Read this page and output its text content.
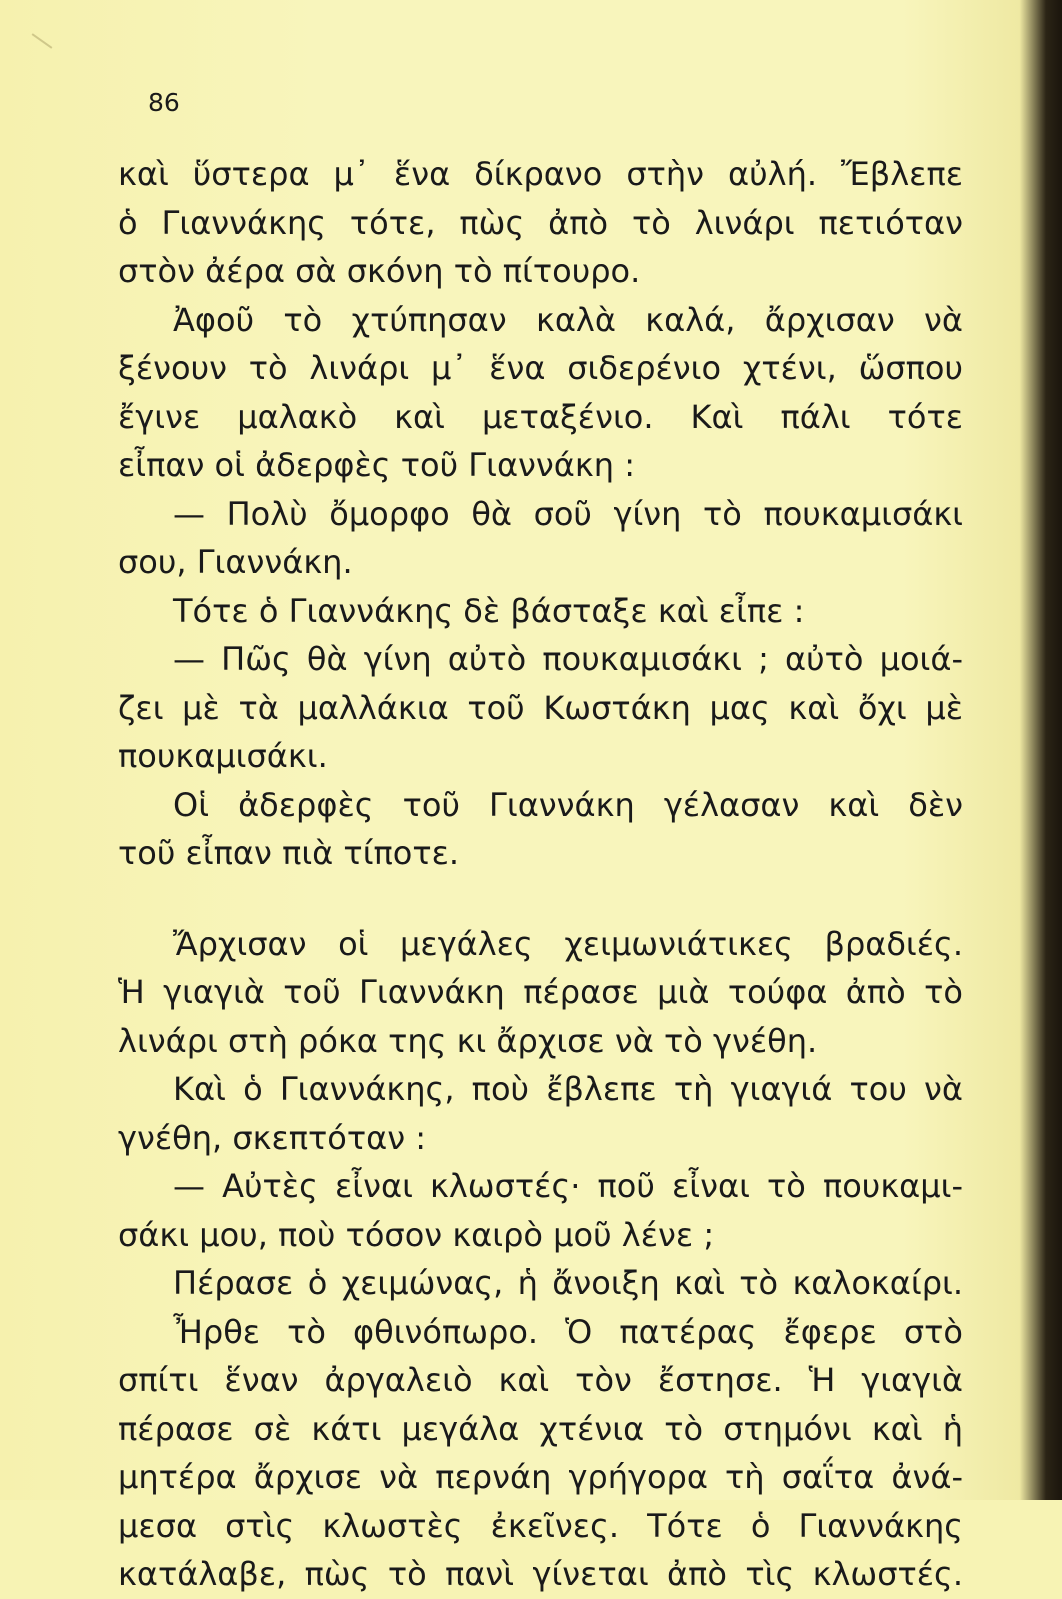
86
καὶ ὕστερα μ᾽ ἕνα δίκρανο στὴν αὐλή. Ἔβλεπε
ὁ Γιαννάκης τότε, πὼς ἀπὸ τὸ λινάρι πετιόταν
στὸν ἀέρα σὰ σκόνη τὸ πίτουρο.
Ἀφοῦ τὸ χτύπησαν καλὰ καλά, ἄρχισαν νὰ
ξένουν τὸ λινάρι μ᾽ ἕνα σιδερένιο χτένι, ὥσπου
ἔγινε μαλακὸ καὶ μεταξένιο. Καὶ πάλι τότε
εἶπαν οἱ ἀδερφὲς τοῦ Γιαννάκη :
— Πολὺ ὄμορφο θὰ σοῦ γίνη τὸ πουκαμισάκι
σου, Γιαννάκη.
Τότε ὁ Γιαννάκης δὲ βάσταξε καὶ εἶπε :
— Πῶς θὰ γίνη αὐτὸ πουκαμισάκι ; αὐτὸ μοιά-
ζει μὲ τὰ μαλλάκια τοῦ Κωστάκη μας καὶ ὄχι μὲ
πουκαμισάκι.
Οἱ ἀδερφὲς τοῦ Γιαννάκη γέλασαν καὶ δὲν
τοῦ εἶπαν πιὰ τίποτε.
Ἄρχισαν οἱ μεγάλες χειμωνιάτικες βραδιές.
Ἡ γιαγιὰ τοῦ Γιαννάκη πέρασε μιὰ τούφα ἀπὸ τὸ
λινάρι στὴ ρόκα της κι ἄρχισε νὰ τὸ γνέθη.
Καὶ ὁ Γιαννάκης, ποὺ ἔβλεπε τὴ γιαγιά του νὰ
γνέθη, σκεπτόταν :
— Αὐτὲς εἶναι κλωστές· ποῦ εἶναι τὸ πουκαμι-
σάκι μου, ποὺ τόσον καιρὸ μοῦ λένε ;
Πέρασε ὁ χειμώνας, ἡ ἄνοιξη καὶ τὸ καλοκαίρι.
Ἦρθε τὸ φθινόπωρο. Ὁ πατέρας ἔφερε στὸ
σπίτι ἕναν ἀργαλειὸ καὶ τὸν ἔστησε. Ἡ γιαγιὰ
πέρασε σὲ κάτι μεγάλα χτένια τὸ στημόνι καὶ ἡ
μητέρα ἄρχισε νὰ περνάη γρήγορα τὴ σαΐτα ἀνά-
μεσα στὶς κλωστὲς ἐκεῖνες. Τότε ὁ Γιαννάκης
κατάλαβε, πὼς τὸ πανὶ γίνεται ἀπὸ τὶς κλωστές.
